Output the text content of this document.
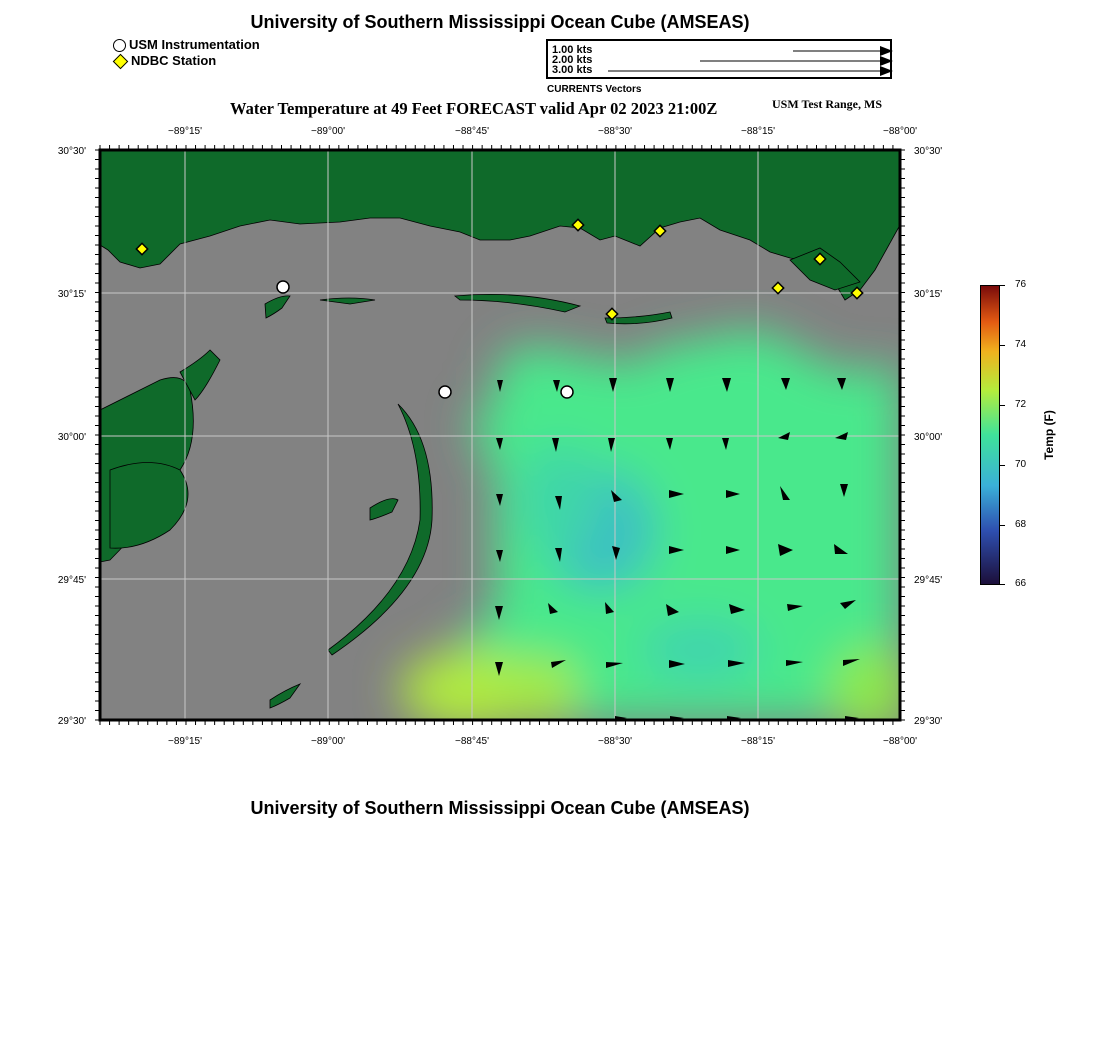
University of Southern Mississippi Ocean Cube (AMSEAS)
USM Instrumentation
NDBC Station
1.00 kts
2.00 kts
3.00 kts
CURRENTS Vectors
Water Temperature at 49 Feet FORECAST valid Apr 02 2023 21:00Z	USM Test Range, MS
−89°15'	−89°00'	−88°45'	−88°30'	−88°15'	−88°00'
−89°15'	−89°00'	−88°45'	−88°30'	−88°15'	−88°00'
30°30'
30°15'
30°00'
29°45'
29°30'
30°30'
30°15'
30°00'
29°45'
29°30'
76
74
72
70
68
66
Temp (F)
University of Southern Mississippi Ocean Cube (AMSEAS)
